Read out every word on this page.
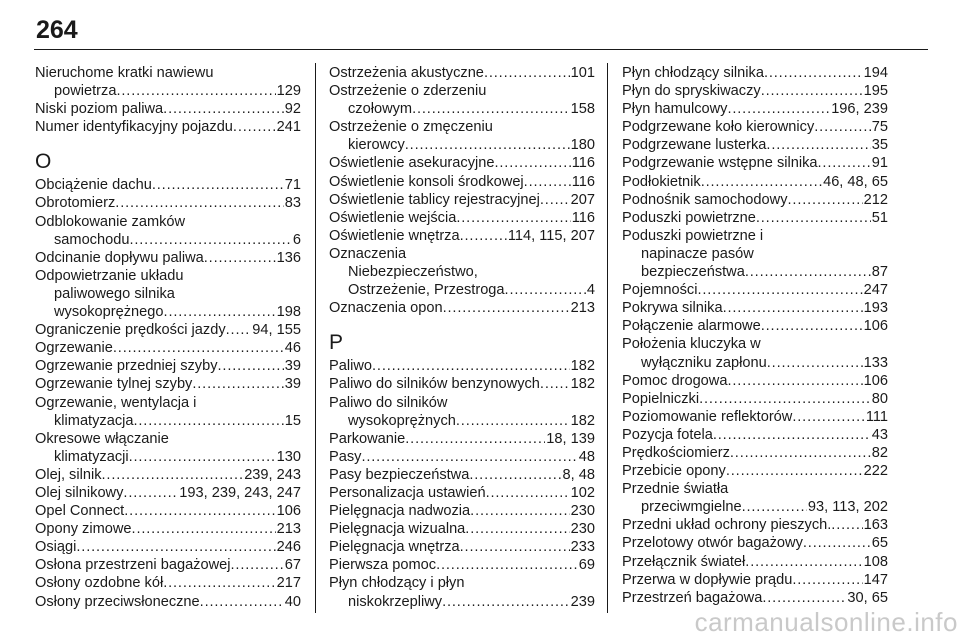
264
Nieruchome kratki nawiewu
powietrza . . .	129
Niski poziom paliwa . . .	92
Numer identyfikacyjny pojazdu . . .	241
O
Obciążenie dachu . . .	71
Obrotomierz . . .	83
Odblokowanie zamków
samochodu . . .	6
Odcinanie dopływu paliwa . . .	136
Odpowietrzanie układu
paliwowego silnika
wysokoprężnego . . .	198
Ograniczenie prędkości jazdy . . . 94, 155
Ogrzewanie . . .	46
Ogrzewanie przedniej szyby . . .	39
Ogrzewanie tylnej szyby . . .	39
Ogrzewanie, wentylacja i
klimatyzacja . . .	15
Okresowe włączanie
klimatyzacji . . .	130
Olej, silnik . . .	239, 243
Olej silnikowy . . .	193, 239, 243, 247
Opel Connect . . .	106
Opony zimowe . . .	213
Osiągi . . .	246
Osłona przestrzeni bagażowej . . .	67
Osłony ozdobne kół . . .	217
Osłony przeciwsłoneczne . . .	40
Ostrzeżenia akustyczne . . .	101
Ostrzeżenie o zderzeniu
czołowym . . .	158
Ostrzeżenie o zmęczeniu
kierowcy . . .	180
Oświetlenie asekuracyjne . . .	116
Oświetlenie konsoli środkowej . . .	116
Oświetlenie tablicy rejestracyjnej . . . 207
Oświetlenie wejścia . . .	116
Oświetlenie wnętrza . . .	114, 115, 207
Oznaczenia
Niebezpieczeństwo,
Ostrzeżenie, Przestroga . . .	4
Oznaczenia opon . . .	213
P
Paliwo . . .	182
Paliwo do silników benzynowych . . . 182
Paliwo do silników
wysokoprężnych . . .	182
Parkowanie . . .	18, 139
Pasy . . .	48
Pasy bezpieczeństwa . . .	8, 48
Personalizacja ustawień . . .	102
Pielęgnacja nadwozia . . .	230
Pielęgnacja wizualna . . .	230
Pielęgnacja wnętrza . . .	233
Pierwsza pomoc . . .	69
Płyn chłodzący i płyn
niskokrzepliwy . . .	239
Płyn chłodzący silnika . . .	194
Płyn do spryskiwaczy . . .	195
Płyn hamulcowy . . .	196, 239
Podgrzewane koło kierownicy . . .	75
Podgrzewane lusterka . . .	35
Podgrzewanie wstępne silnika . . .	91
Podłokietnik . . .	46, 48, 65
Podnośnik samochodowy . . .	212
Poduszki powietrzne . . .	51
Poduszki powietrzne i
napinacze pasów
bezpieczeństwa . . .	87
Pojemności . . .	247
Pokrywa silnika . . .	193
Połączenie alarmowe . . .	106
Położenia kluczyka w
wyłączniku zapłonu . . .	133
Pomoc drogowa . . .	106
Popielniczki . . .	80
Poziomowanie reflektorów . . .	111
Pozycja fotela . . .	43
Prędkościomierz . . .	82
Przebicie opony . . .	222
Przednie światła
przeciwmgielne . . .	93, 113, 202
Przedni układ ochrony pieszych. . . . 163
Przelotowy otwór bagażowy . . .	65
Przełącznik świateł . . .	108
Przerwa w dopływie prądu . . .	147
Przestrzeń bagażowa . . .	30, 65
carmanualsonline.info
